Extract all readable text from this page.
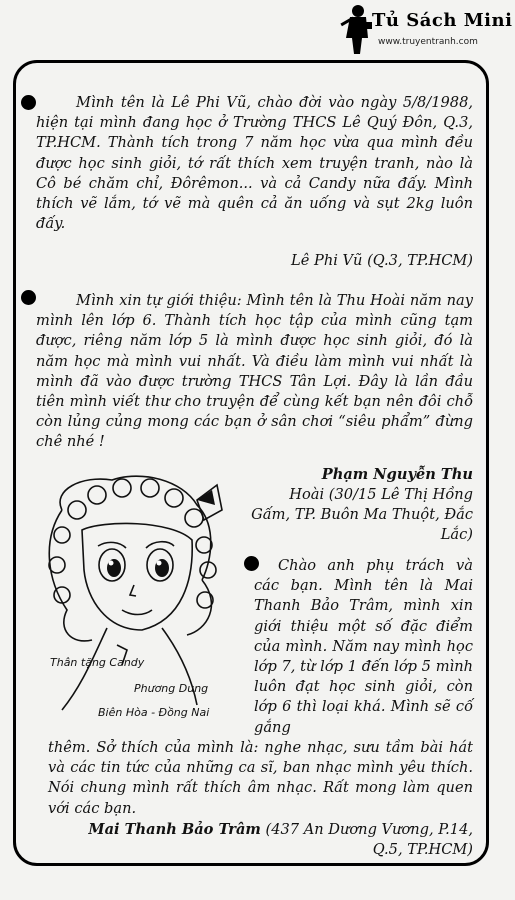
Tủ Sách Mini
www.truyentranh.com

Mình tên là Lê Phi Vũ, chào đời vào ngày 5/8/1988, hiện tại mình đang học ở Trường THCS Lê Quý Đôn, Q.3, TP.HCM. Thành tích trong 7 năm học vừa qua mình đều được học sinh giỏi, tớ rất thích xem truyện tranh, nào là Cô bé chăm chỉ, Đôrêmon... và cả Candy nữa đấy. Mình thích vẽ lắm, tớ vẽ mà quên cả ăn uống và sụt 2kg luôn đấy.

Lê Phi Vũ (Q.3, TP.HCM)

Mình xin tự giới thiệu: Mình tên là Thu Hoài năm nay mình lên lớp 6. Thành tích học tập của mình cũng tạm được, riêng năm lớp 5 là mình được học sinh giỏi, đó là năm học mà mình vui nhất. Và điều làm mình vui nhất là mình đã vào được trường THCS Tân Lợi. Đây là lần đầu tiên mình viết thư cho truyện để cùng kết bạn nên đôi chỗ còn lủng củng mong các bạn ở sân chơi “siêu phẩm” đừng chê nhé !

Phạm Nguyễn Thu
Hoài (30/15 Lê Thị Hồng Gấm, TP. Buôn Ma Thuột, Đắc Lắc)
Thân tặng Candy
Phương Dung
Biên Hòa - Đồng Nai

Chào anh phụ trách và các bạn. Mình tên là Mai Thanh Bảo Trâm, mình xin giới thiệu một số đặc điểm của mình. Năm nay mình học lớp 7, từ lớp 1 đến lớp 5 mình luôn đạt học sinh giỏi, còn lớp 6 thì loại khá. Mình sẽ cố gắng

thêm. Sở thích của mình là: nghe nhạc, sưu tầm bài hát và các tin tức của những ca sĩ, ban nhạc mình yêu thích. Nói chung mình rất thích âm nhạc. Rất mong làm quen với các bạn.

Mai Thanh Bảo Trâm (437 An Dương Vương, P.14, Q.5, TP.HCM)
